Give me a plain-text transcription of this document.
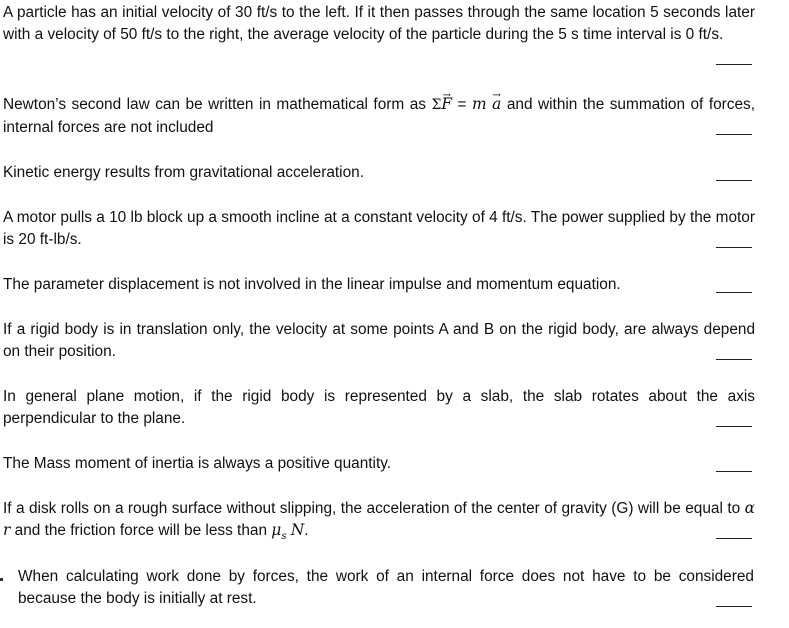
A particle has an initial velocity of 30 ft/s to the left. If it then passes through the same location 5 seconds later with a velocity of 50 ft/s to the right, the average velocity of the particle during the 5 s time interval is 0 ft/s.
Newton’s second law can be written in mathematical form as Σ→ F = m → a and within the summation of forces, internal forces are not included
Kinetic energy results from gravitational acceleration.
A motor pulls a 10 lb block up a smooth incline at a constant velocity of 4 ft/s. The power supplied by the motor is 20 ft-lb/s.
The parameter displacement is not involved in the linear impulse and momentum equation.
If a rigid body is in translation only, the velocity at some points A and B on the rigid body, are always depend on their position.
In general plane motion, if the rigid body is represented by a slab, the slab rotates about the axis perpendicular to the plane.
The Mass moment of inertia is always a positive quantity.
If a disk rolls on a rough surface without slipping, the acceleration of the center of gravity (G) will be equal to α r and the friction force will be less than $\mu_s$ N.
When calculating work done by forces, the work of an internal force does not have to be considered because the body is initially at rest.
